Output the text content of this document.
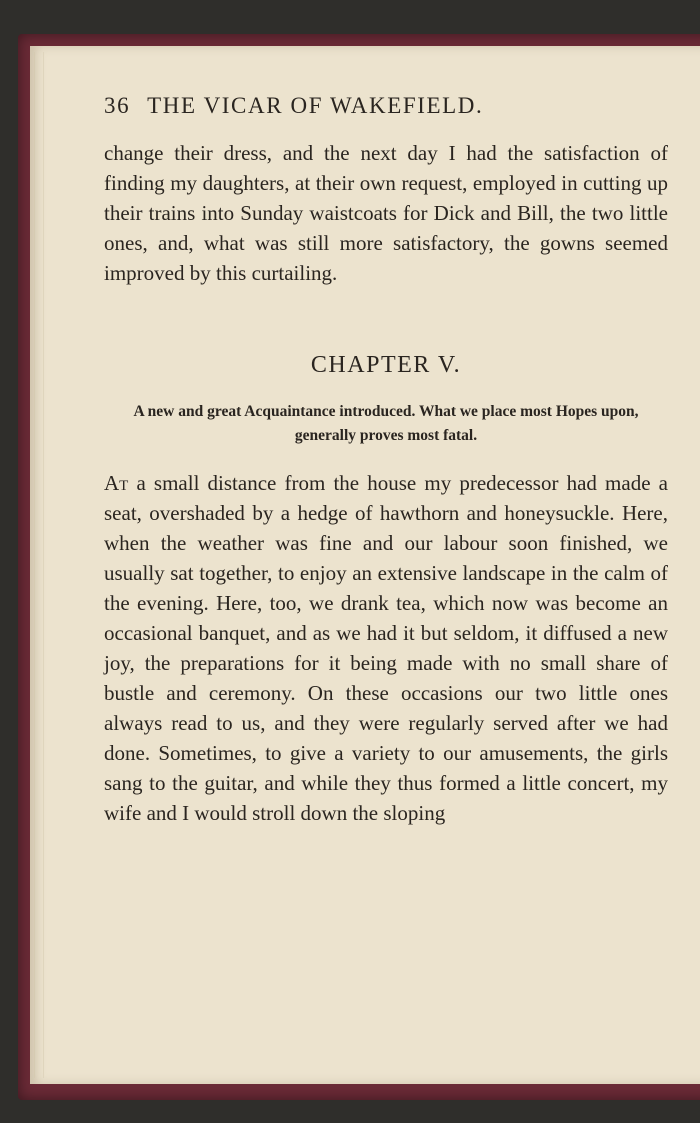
36 THE VICAR OF WAKEFIELD.

change their dress, and the next day I had the satisfaction of finding my daughters, at their own request, employed in cutting up their trains into Sunday waistcoats for Dick and Bill, the two little ones, and, what was still more satisfactory, the gowns seemed improved by this curtailing.

CHAPTER V.
A new and great Acquaintance introduced. What we place most Hopes upon, generally proves most fatal.

At a small distance from the house my predecessor had made a seat, overshaded by a hedge of hawthorn and honeysuckle. Here, when the weather was fine and our labour soon finished, we usually sat together, to enjoy an extensive landscape in the calm of the evening. Here, too, we drank tea, which now was become an occasional banquet, and as we had it but seldom, it diffused a new joy, the preparations for it being made with no small share of bustle and ceremony. On these occasions our two little ones always read to us, and they were regularly served after we had done. Sometimes, to give a variety to our amusements, the girls sang to the guitar, and while they thus formed a little concert, my wife and I would stroll down the sloping
